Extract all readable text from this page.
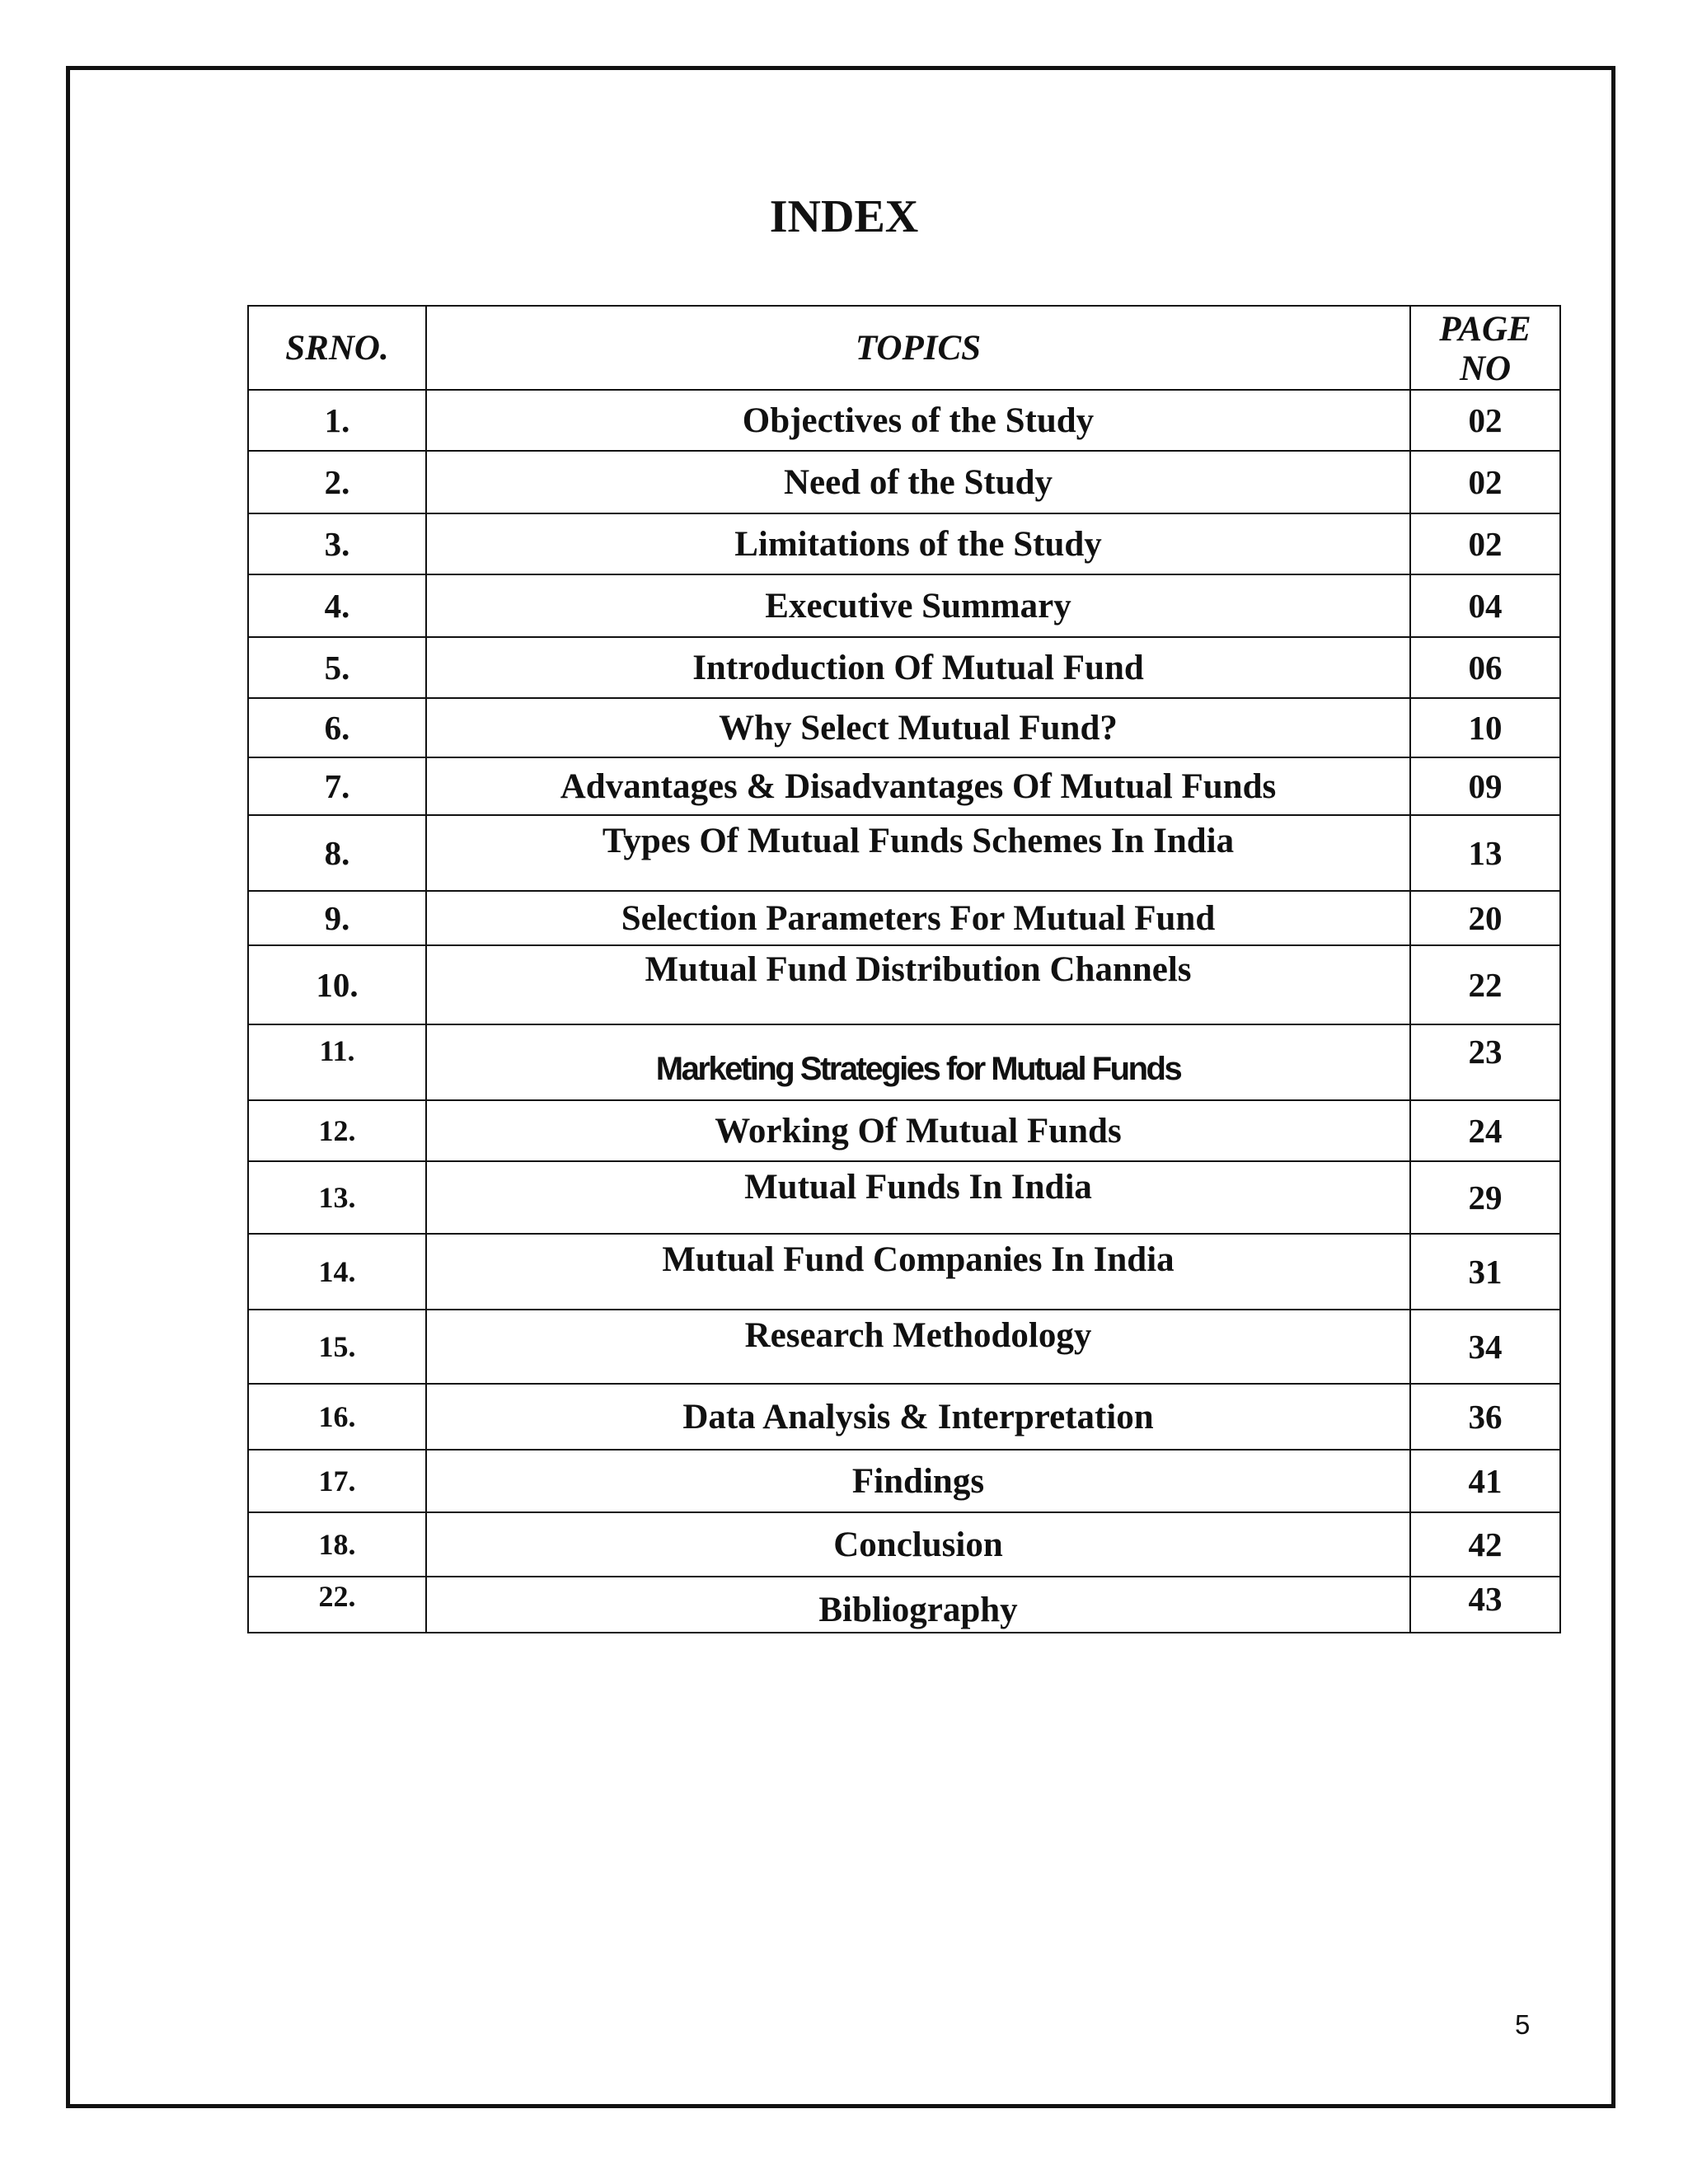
INDEX
SRNO.	TOPICS	PAGE NO
1.	Objectives of the Study	02
2.	Need of the Study	02
3.	Limitations of the Study	02
4.	Executive Summary	04
5.	Introduction Of Mutual Fund	06
6.	Why Select Mutual Fund?	10
7.	Advantages & Disadvantages Of Mutual Funds	09
8.	Types Of Mutual Funds Schemes In India	13
9.	Selection Parameters For Mutual Fund	20
10.	Mutual Fund Distribution Channels	22
11.	Marketing Strategies for Mutual Funds	23
12.	Working Of Mutual Funds	24
13.	Mutual Funds In India	29
14.	Mutual Fund Companies In India	31
15.	Research Methodology	34
16.	Data Analysis & Interpretation	36
17.	Findings	41
18.	Conclusion	42
22.	Bibliography	43
5
